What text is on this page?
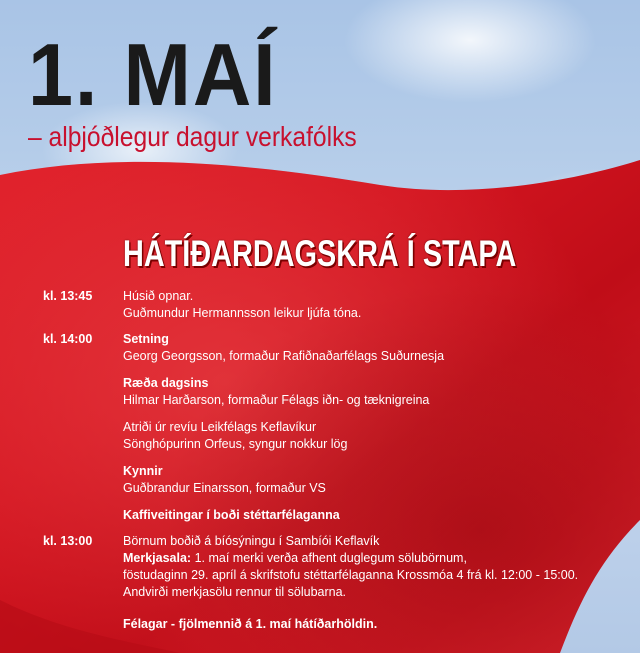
1. MAÍ
– alþjóðlegur dagur verkafólks
HÁTÍÐARDAGSKRÁ Í STAPA
kl. 13:45 Húsið opnar.
Guðmundur Hermannsson leikur ljúfa tóna.
kl. 14:00 Setning
Georg Georgsson, formaður Rafiðnaðarfélags Suðurnesja
Ræða dagsins
Hilmar Harðarson, formaður Félags iðn- og tæknigreina
Atriði úr revíu Leikfélags Keflavíkur
Sönghópurinn Orfeus, syngur nokkur lög
Kynnir
Guðbrandur Einarsson, formaður VS
Kaffiveitingar í boði stéttarfélaganna
kl. 13:00 Börnum boðið á bíósýningu í Sambíói Keflavík
Merkjasala: 1. maí merki verða afhent duglegum sölubörnum,
föstudaginn 29. apríl á skrifstofu stéttarfélaganna Krossmóa 4 frá kl. 12:00 - 15:00.
Andvirði merkjasölu rennur til sölubarna.
Félagar - fjölmennið á 1. maí hátíðarhöldin.
